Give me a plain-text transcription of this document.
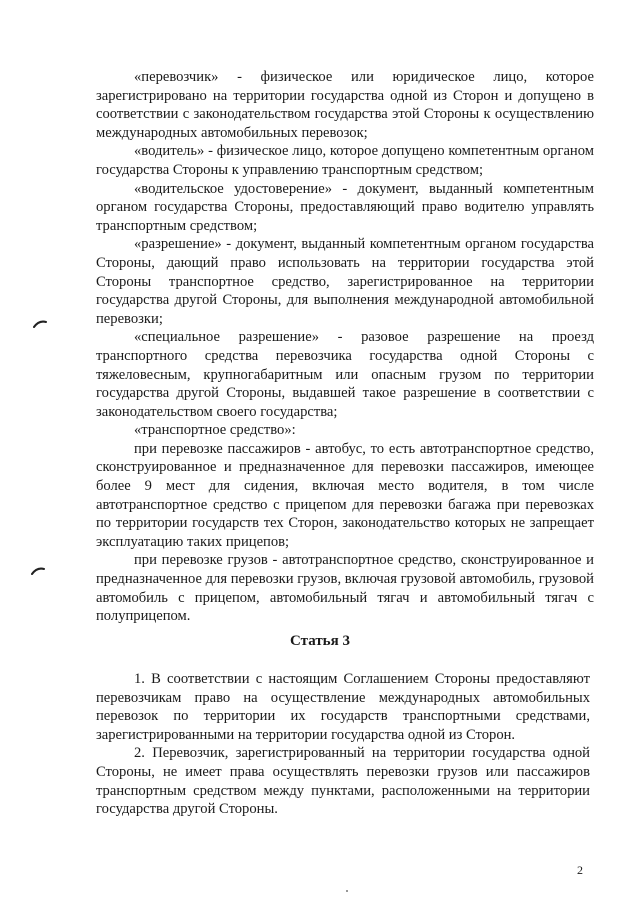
«перевозчик» - физическое или юридическое лицо, которое зарегистрировано на территории государства одной из Сторон и допущено в соответствии с законодательством государства этой Стороны к осуществлению международных автомобильных перевозок;

«водитель» - физическое лицо, которое допущено компетентным органом государства Стороны к управлению транспортным средством;

«водительское удостоверение» - документ, выданный компетентным органом государства Стороны, предоставляющий право водителю управлять транспортным средством;

«разрешение» - документ, выданный компетентным органом государства Стороны, дающий право использовать на территории государства этой Стороны транспортное средство, зарегистрированное на территории государства другой Стороны, для выполнения международной автомобильной перевозки;

«специальное разрешение» - разовое разрешение на проезд транспортного средства перевозчика государства одной Стороны с тяжеловесным, крупногабаритным или опасным грузом по территории государства другой Стороны, выдавшей такое разрешение в соответствии с законодательством своего государства;

«транспортное средство»:

при перевозке пассажиров - автобус, то есть автотранспортное средство, сконструированное и предназначенное для перевозки пассажиров, имеющее более 9 мест для сидения, включая место водителя, в том числе автотранспортное средство с прицепом для перевозки багажа при перевозках по территории государств тех Сторон, законодательство которых не запрещает эксплуатацию таких прицепов;

при перевозке грузов - автотранспортное средство, сконструированное и предназначенное для перевозки грузов, включая грузовой автомобиль, грузовой автомобиль с прицепом, автомобильный тягач и автомобильный тягач с полуприцепом.

Статья 3

1. В соответствии с настоящим Соглашением Стороны предоставляют перевозчикам право на осуществление международных автомобильных перевозок по территории их государств транспортными средствами, зарегистрированными на территории государства одной из Сторон.

2. Перевозчик, зарегистрированный на территории государства одной Стороны, не имеет права осуществлять перевозки грузов или пассажиров транспортным средством между пунктами, расположенными на территории государства другой Стороны.

2
